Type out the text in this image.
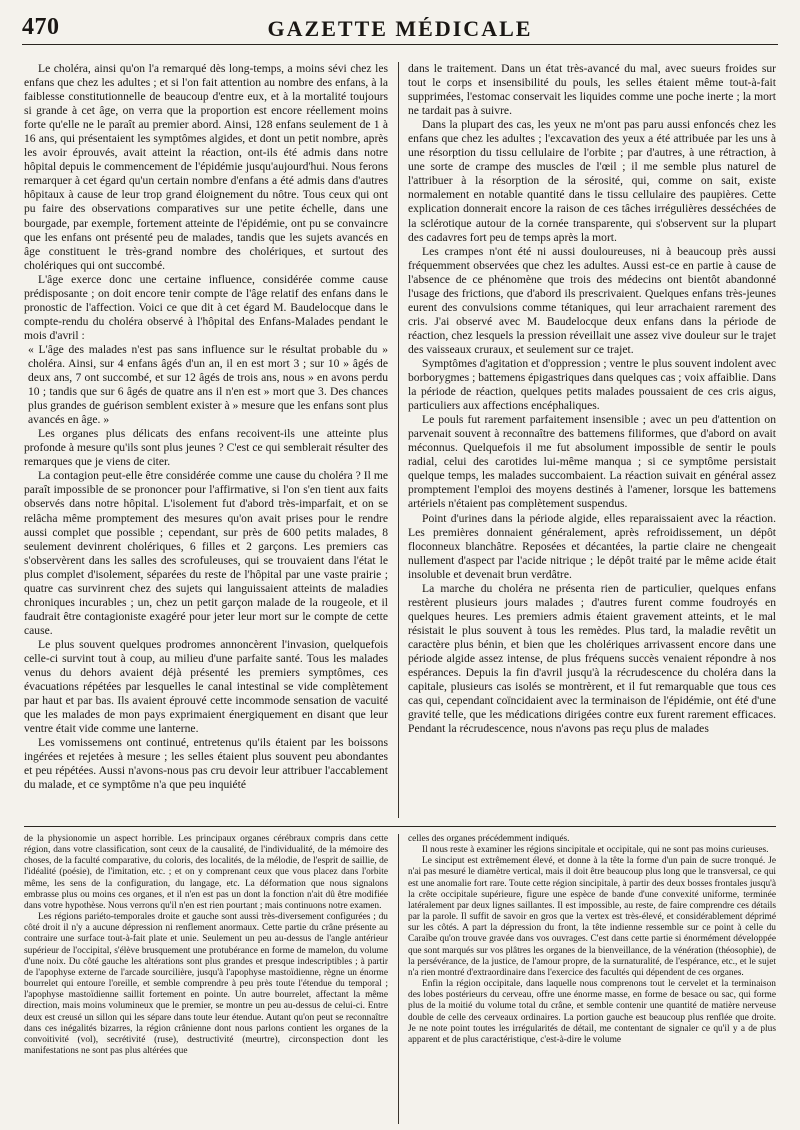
470	GAZETTE MÉDICALE

Le choléra, ainsi qu'on l'a remarqué dès long-temps, a moins sévi chez les enfans que chez les adultes ; et si l'on fait attention au nombre des enfans, à la faiblesse constitutionnelle de beaucoup d'entre eux, et à la mortalité toujours si grande à cet âge, on verra que la proportion est encore réellement moins forte qu'elle ne le paraît au premier abord. Ainsi, 128 enfans seulement de 1 à 16 ans, qui présentaient les symptômes algides, et dont un petit nombre, après les avoir éprouvés, avait atteint la réaction, ont-ils été admis dans notre hôpital depuis le commencement de l'épidémie jusqu'aujourd'hui. Nous ferons remarquer à cet égard qu'un certain nombre d'enfans a été admis dans d'autres hôpitaux à cause de leur trop grand éloignement du nôtre. Tous ceux qui ont pu faire des observations comparatives sur une petite échelle, dans une bourgade, par exemple, fortement atteinte de l'épidémie, ont pu se convaincre que les enfans ont présenté peu de malades, tandis que les sujets avancés en âge constituent le très-grand nombre des cholériques, et surtout des cholériques qui ont succombé.

L'âge exerce donc une certaine influence, considérée comme cause prédisposante ; on doit encore tenir compte de l'âge relatif des enfans dans le pronostic de l'affection. Voici ce que dit à cet égard M. Baudelocque dans le compte-rendu du choléra observé à l'hôpital des Enfans-Malades pendant le mois d'avril :

« L'âge des malades n'est pas sans influence sur le résultat probable du » choléra. Ainsi, sur 4 enfans âgés d'un an, il en est mort 3 ; sur 10 » âgés de deux ans, 7 ont succombé, et sur 12 âgés de trois ans, nous » en avons perdu 10 ; tandis que sur 6 âgés de quatre ans il n'en est » mort que 3. Des chances plus grandes de guérison semblent exister à » mesure que les enfans sont plus avancés en âge. »

Les organes plus délicats des enfans recoivent-ils une atteinte plus profonde à mesure qu'ils sont plus jeunes ? C'est ce qui semblerait résulter des remarques que je viens de citer.

La contagion peut-elle être considérée comme une cause du choléra ? Il me paraît impossible de se prononcer pour l'affirmative, si l'on s'en tient aux faits observés dans notre hôpital. L'isolement fut d'abord très-imparfait, et on se relâcha même promptement des mesures qu'on avait prises pour le rendre aussi complet que possible ; cependant, sur près de 600 petits malades, 8 seulement devinrent cholériques, 6 filles et 2 garçons. Les premiers cas s'observèrent dans les salles des scrofuleuses, qui se trouvaient dans l'état le plus complet d'isolement, séparées du reste de l'hôpital par une vaste prairie ; quatre cas survinrent chez des sujets qui languissaient atteints de maladies chroniques incurables ; un, chez un petit garçon malade de la rougeole, et il faudrait être contagioniste exagéré pour jeter leur mort sur le compte de cette cause.

Le plus souvent quelques prodromes annoncèrent l'invasion, quelquefois celle-ci survint tout à coup, au milieu d'une parfaite santé. Tous les malades venus du dehors avaient déjà présenté les premiers symptômes, ces évacuations répétées par lesquelles le canal intestinal se vide complètement par haut et par bas. Ils avaient éprouvé cette incommode sensation de vacuité que les malades de mon pays exprimaient énergiquement en disant que leur ventre était vide comme une lanterne.

Les vomissemens ont continué, entretenus qu'ils étaient par les boissons ingérées et rejetées à mesure ; les selles étaient plus souvent peu abondantes et peu répétées. Aussi n'avons-nous pas cru devoir leur attribuer l'accablement du malade, et ce symptôme n'a que peu inquiété

dans le traitement. Dans un état très-avancé du mal, avec sueurs froides sur tout le corps et insensibilité du pouls, les selles étaient même tout-à-fait supprimées, l'estomac conservait les liquides comme une poche inerte ; la mort ne tardait pas à suivre.

Dans la plupart des cas, les yeux ne m'ont pas paru aussi enfoncés chez les enfans que chez les adultes ; l'excavation des yeux a été attribuée par les uns à une résorption du tissu cellulaire de l'orbite ; par d'autres, à une rétraction, à une sorte de crampe des muscles de l'œil ; il me semble plus naturel de l'attribuer à la résorption de la sérosité, qui, comme on sait, existe normalement en notable quantité dans le tissu cellulaire des paupières. Cette explication donnerait encore la raison de ces tâches irrégulières desséchées de la sclérotique autour de la cornée transparente, qui s'observent sur la plupart des cadavres fort peu de temps après la mort.

Les crampes n'ont été ni aussi douloureuses, ni à beaucoup près aussi fréquemment observées que chez les adultes. Aussi est-ce en partie à cause de l'absence de ce phénomène que trois des médecins ont bientôt abandonné l'usage des frictions, que d'abord ils prescrivaient. Quelques enfans très-jeunes eurent des convulsions comme tétaniques, qui leur arrachaient rarement des cris. J'ai observé avec M. Baudelocque deux enfans dans la période de réaction, chez lesquels la pression réveillait une assez vive douleur sur le trajet des vaisseaux cruraux, et seulement sur ce trajet.

Symptômes d'agitation et d'oppression ; ventre le plus souvent indolent avec borborygmes ; battemens épigastriques dans quelques cas ; voix affaiblie. Dans la période de réaction, quelques petits malades poussaient de ces cris aigus, particuliers aux affections encéphaliques.

Le pouls fut rarement parfaitement insensible ; avec un peu d'attention on parvenait souvent à reconnaître des battemens filiformes, que d'abord on avait méconnus. Quelquefois il me fut absolument impossible de sentir le pouls radial, celui des carotides lui-même manqua ; si ce symptôme persistait quelque temps, les malades succombaient. La réaction suivait en général assez promptement l'emploi des moyens destinés à l'amener, lorsque les battemens artériels n'étaient pas complètement suspendus.

Point d'urines dans la période algide, elles reparaissaient avec la réaction. Les premières donnaient généralement, après refroidissement, un dépôt floconneux blanchâtre. Reposées et décantées, la partie claire ne chengeait nullement d'aspect par l'acide nitrique ; le dépôt traité par le même acide était insoluble et devenait brun verdâtre.

La marche du choléra ne présenta rien de particulier, quelques enfans restèrent plusieurs jours malades ; d'autres furent comme foudroyés en quelques heures. Les premiers admis étaient gravement atteints, et le mal résistait le plus souvent à tous les remèdes. Plus tard, la maladie revêtit un caractère plus bénin, et bien que les cholériques arrivassent encore dans une période algide assez intense, de plus fréquens succès venaient répondre à nos espérances. Depuis la fin d'avril jusqu'à la récrudescence du choléra dans la capitale, plusieurs cas isolés se montrèrent, et il fut remarquable que tous ces cas qui, cependant coïncidaient avec la terminaison de l'épidémie, ont été d'une gravité telle, que les médications dirigées contre eux furent rarement efficaces. Pendant la récrudescence, nous n'avons pas reçu plus de malades

de la physionomie un aspect horrible. Les principaux organes cérébraux compris dans cette région, dans votre classification, sont ceux de la causalité, de l'individualité, de la mémoire des choses, de la faculté comparative, du coloris, des localités, de la mélodie, de l'esprit de saillie, de l'idéalité (poésie), de l'imitation, etc. ; et on y comprenant ceux que vous placez dans l'orbite même, les sens de la configuration, du langage, etc. La déformation que nous signalons embrasse plus ou moins ces organes, et il n'en est pas un dont la fonction n'ait dû être modifiée dans votre hypothèse. Nous verrons qu'il n'en est rien pourtant ; mais continuons notre examen.

Les régions pariéto-temporales droite et gauche sont aussi très-diversement configurées ; du côté droit il n'y a aucune dépression ni renflement anormaux. Cette partie du crâne présente au contraire une surface tout-à-fait plate et unie. Seulement un peu au-dessus de l'angle antérieur supérieur de l'occipital, s'élève brusquement une protubérance en forme de mamelon, du volume d'une noix. Du côté gauche les altérations sont plus grandes et presque indescriptibles ; à partir de l'apophyse externe de l'arcade sourcilière, jusqu'à l'apophyse mastoïdienne, règne un énorme bourrelet qui entoure l'oreille, et semble comprendre à peu près toute l'étendue du temporal ; l'apophyse mastoïdienne saillit fortement en pointe. Un autre bourrelet, affectant la même direction, mais moins volumineux que le premier, se montre un peu au-dessus de celui-ci. Entre deux est creusé un sillon qui les sépare dans toute leur étendue. Autant qu'on peut se reconnaître dans ces inégalités bizarres, la région crânienne dont nous parlons contient les organes de la convoitivité (vol), secrétivité (ruse), destructivité (meurtre), circonspection dont les manifestations ne sont pas plus altérées que

celles des organes précédemment indiqués.

Il nous reste à examiner les régions sincipitale et occipitale, qui ne sont pas moins curieuses.

Le sinciput est extrêmement élevé, et donne à la tête la forme d'un pain de sucre tronqué. Je n'ai pas mesuré le diamètre vertical, mais il doit être beaucoup plus long que le transversal, ce qui est une anomalie fort rare. Toute cette région sincipitale, à partir des deux bosses frontales jusqu'à la crête occipitale supérieure, figure une espèce de bande d'une convexité uniforme, terminée latéralement par deux lignes saillantes. Il est impossible, au reste, de faire comprendre ces détails par la parole. Il suffit de savoir en gros que la vertex est très-élevé, et considérablement déprimé sur les côtés. A part la dépression du front, la tête indienne ressemble sur ce point à celle du Caraïbe qu'on trouve gravée dans vos ouvrages. C'est dans cette partie si énormément développée que sont marqués sur vos plâtres les organes de la bienveillance, de la vénération (théosophie), de la persévérance, de la justice, de l'amour propre, de la surnaturalité, de l'espérance, etc., et le sujet n'a rien montré d'extraordinaire dans l'exercice des facultés qui dépendent de ces organes.

Enfin la région occipitale, dans laquelle nous comprenons tout le cervelet et la terminaison des lobes postérieurs du cerveau, offre une énorme masse, en forme de besace ou sac, qui forme plus de la moitié du volume total du crâne, et semble contenir une quantité de matière nerveuse double de celle des cerveaux ordinaires. La portion gauche est beaucoup plus renflée que droite. Je ne note point toutes les irrégularités de détail, me contentant de signaler ce qu'il y a de plus apparent et de plus caractéristique, c'est-à-dire le volume
